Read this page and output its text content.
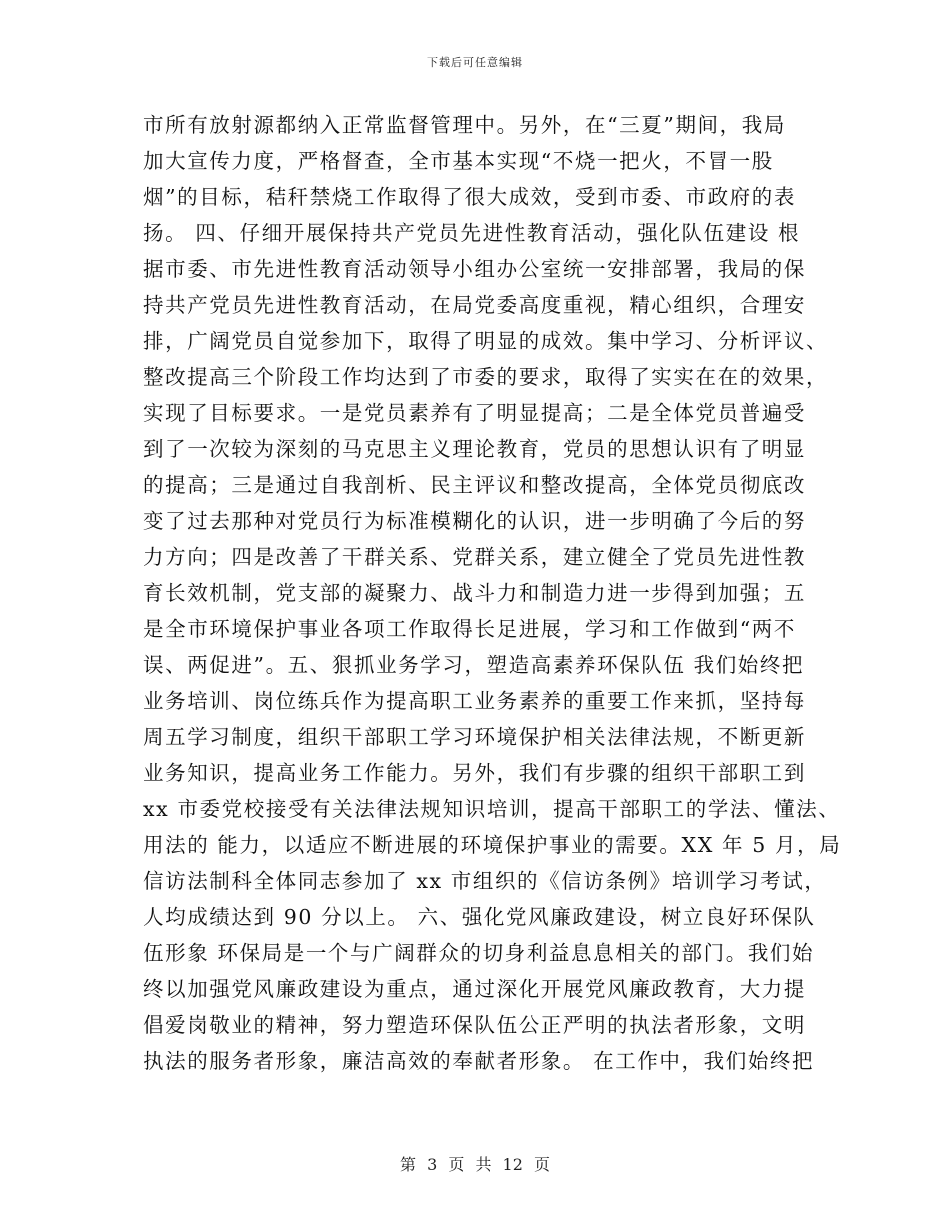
下载后可任意编辑
市所有放射源都纳入正常监督管理中。另外，在“三夏”期间，我局
加大宣传力度，严格督查，全市基本实现“不烧一把火，不冒一股
烟”的目标，秸秆禁烧工作取得了很大成效，受到市委、市政府的表
扬。 四、仔细开展保持共产党员先进性教育活动，强化队伍建设 根
据市委、市先进性教育活动领导小组办公室统一安排部署，我局的保
持共产党员先进性教育活动，在局党委高度重视，精心组织，合理安
排，广阔党员自觉参加下，取得了明显的成效。集中学习、分析评议、
整改提高三个阶段工作均达到了市委的要求，取得了实实在在的效果，
实现了目标要求。一是党员素养有了明显提高；二是全体党员普遍受
到了一次较为深刻的马克思主义理论教育，党员的思想认识有了明显
的提高；三是通过自我剖析、民主评议和整改提高，全体党员彻底改
变了过去那种对党员行为标准模糊化的认识，进一步明确了今后的努
力方向；四是改善了干群关系、党群关系，建立健全了党员先进性教
育长效机制，党支部的凝聚力、战斗力和制造力进一步得到加强；五
是全市环境保护事业各项工作取得长足进展，学习和工作做到“两不
误、两促进”。五、狠抓业务学习，塑造高素养环保队伍 我们始终把
业务培训、岗位练兵作为提高职工业务素养的重要工作来抓，坚持每
周五学习制度，组织干部职工学习环境保护相关法律法规，不断更新
业务知识，提高业务工作能力。另外，我们有步骤的组织干部职工到
xx 市委党校接受有关法律法规知识培训，提高干部职工的学法、懂法、
用法的 能力，以适应不断进展的环境保护事业的需要。XX 年 5 月，局
信访法制科全体同志参加了 xx 市组织的《信访条例》培训学习考试，
人均成绩达到 90 分以上。 六、强化党风廉政建设，树立良好环保队
伍形象 环保局是一个与广阔群众的切身利益息息相关的部门。我们始
终以加强党风廉政建设为重点，通过深化开展党风廉政教育，大力提
倡爱岗敬业的精神，努力塑造环保队伍公正严明的执法者形象，文明
执法的服务者形象，廉洁高效的奉献者形象。 在工作中，我们始终把
第 3 页 共 12 页
